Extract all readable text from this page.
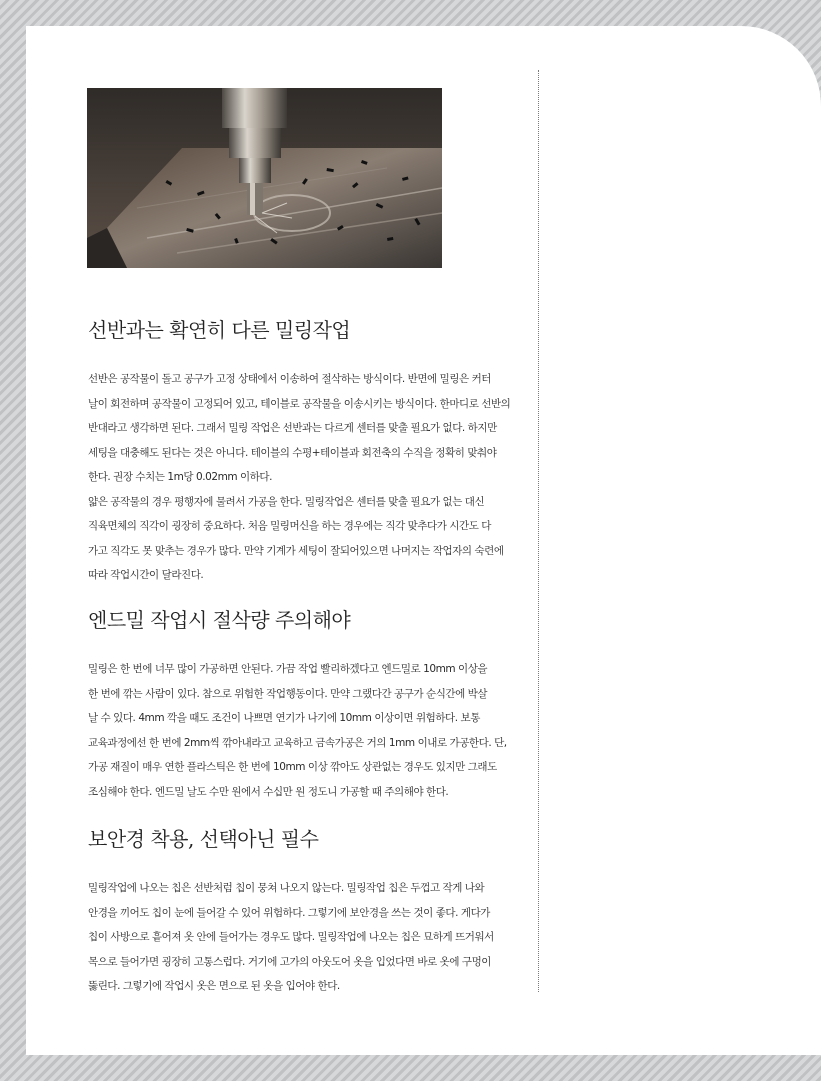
선반과는 확연히 다른 밀링작업

선반은 공작물이 돌고 공구가 고정 상태에서 이송하여 절삭하는 방식이다. 반면에 밀링은 커터
날이 회전하며 공작물이 고정되어 있고, 테이블로 공작물을 이송시키는 방식이다. 한마디로 선반의
반대라고 생각하면 된다. 그래서 밀링 작업은 선반과는 다르게 센터를 맞출 필요가 없다. 하지만
세팅을 대충해도 된다는 것은 아니다. 테이블의 수평+테이블과 회전축의 수직을 정확히 맞춰야
한다. 권장 수치는 1m당 0.02mm 이하다.
얇은 공작물의 경우 평행자에 물려서 가공을 한다. 밀링작업은 센터를 맞출 필요가 없는 대신
직육면체의 직각이 굉장히 중요하다. 처음 밀링머신을 하는 경우에는 직각 맞추다가 시간도 다
가고 직각도 못 맞추는 경우가 많다. 만약 기계가 세팅이 잘되어있으면 나머지는 작업자의 숙련에
따라 작업시간이 달라진다.

엔드밀 작업시 절삭량 주의해야

밀링은 한 번에 너무 많이 가공하면 안된다. 가끔 작업 빨리하겠다고 엔드밀로 10mm 이상을
한 번에 깎는 사람이 있다. 참으로 위험한 작업행동이다. 만약 그랬다간 공구가 순식간에 박살
날 수 있다. 4mm 깍을 때도 조건이 나쁘면 연기가 나기에 10mm 이상이면 위험하다. 보통
교육과정에선 한 번에 2mm씩 깎아내라고 교육하고 금속가공은 거의 1mm 이내로 가공한다. 단,
가공 재질이 매우 연한 플라스틱은 한 번에 10mm 이상 깎아도 상관없는 경우도 있지만 그래도
조심해야 한다. 엔드밀 날도 수만 원에서 수십만 원 정도니 가공할 때 주의해야 한다.

보안경 착용, 선택아닌 필수

밀링작업에 나오는 칩은 선반처럼 칩이 뭉쳐 나오지 않는다. 밀링작업 칩은 두껍고 작게 나와
안경을 끼어도 칩이 눈에 들어갈 수 있어 위험하다. 그렇기에 보안경을 쓰는 것이 좋다. 게다가
칩이 사방으로 흩어져 옷 안에 들어가는 경우도 많다. 밀링작업에 나오는 칩은 묘하게 뜨거워서
목으로 들어가면 굉장히 고통스럽다. 거기에 고가의 아웃도어 옷을 입었다면 바로 옷에 구멍이
뚫린다. 그렇기에 작업시 옷은 면으로 된 옷을 입어야 한다.
